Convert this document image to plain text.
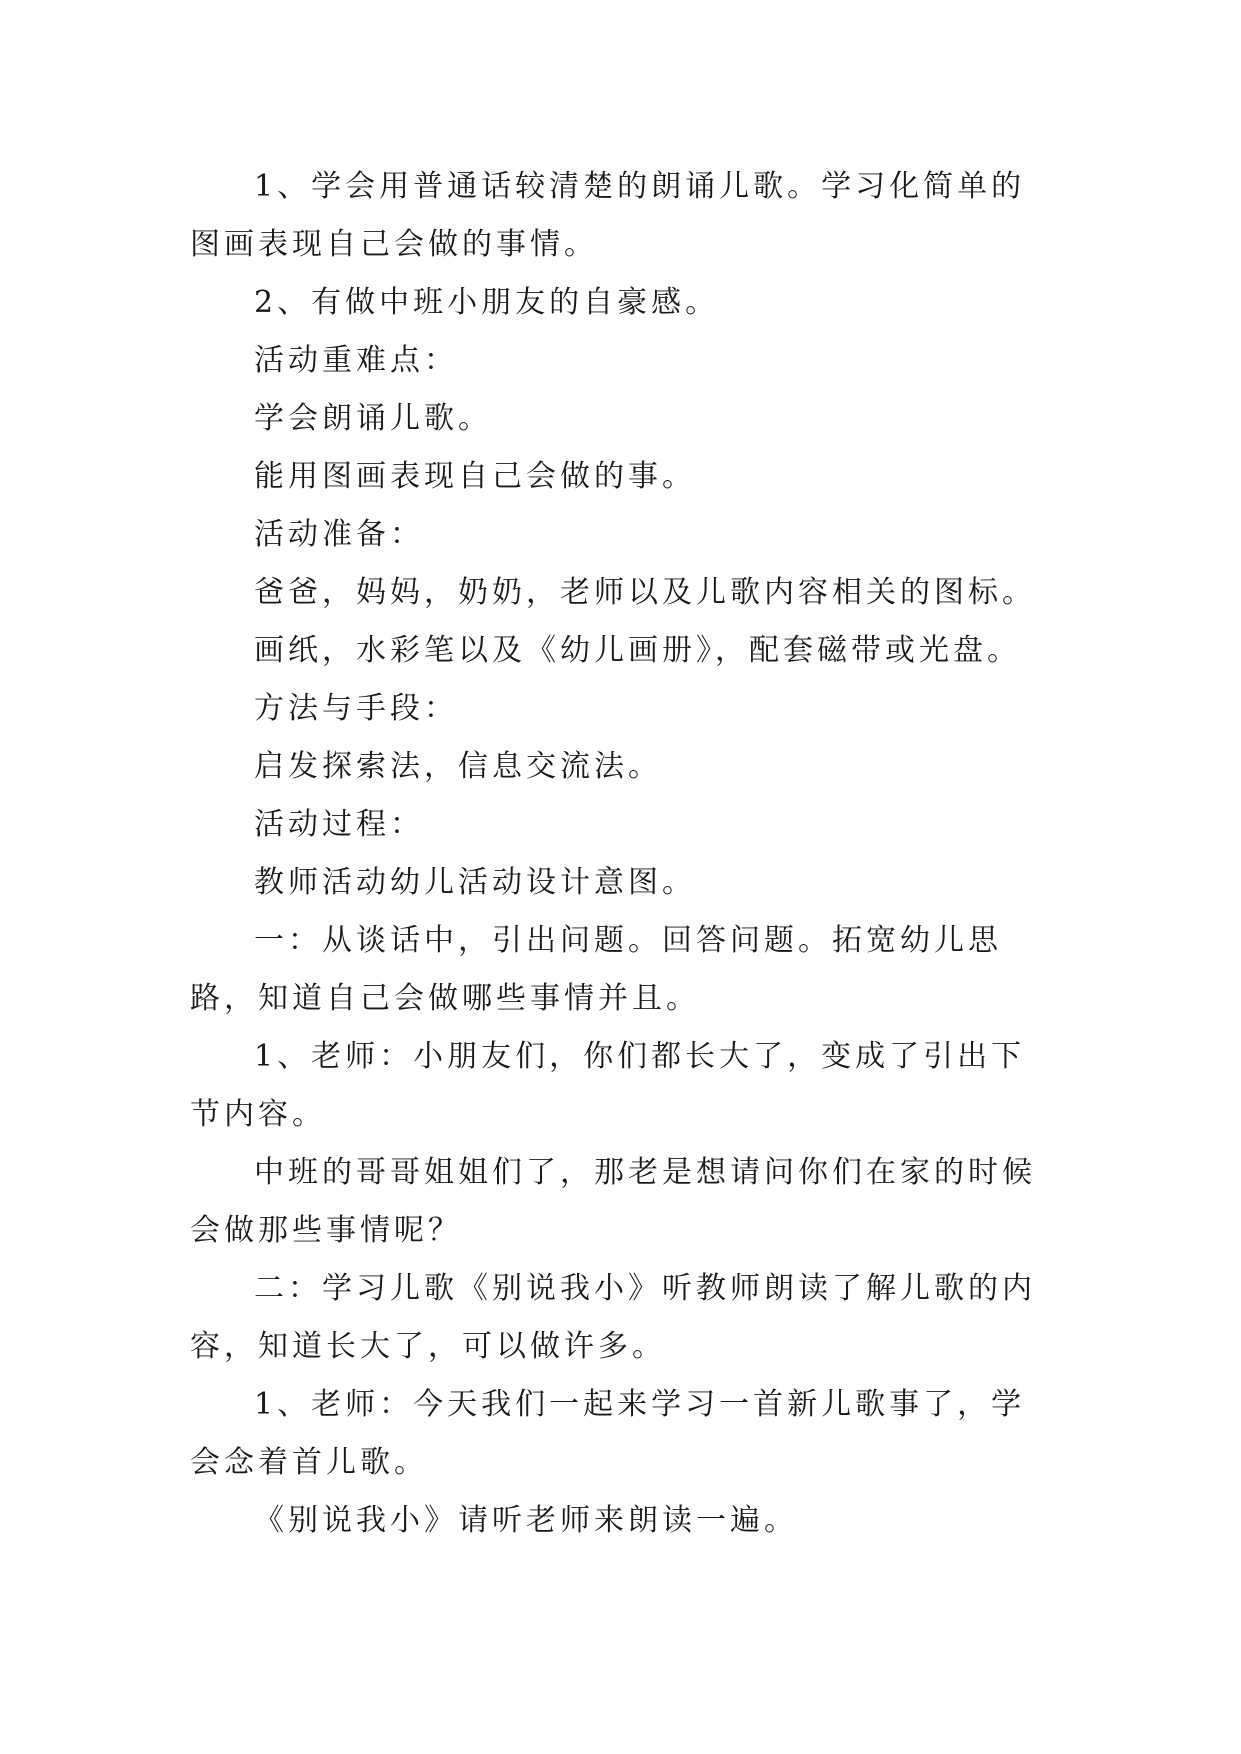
1、学会用普通话较清楚的朗诵儿歌。学习化简单的图画表现自己会做的事情。

2、有做中班小朋友的自豪感。

活动重难点：

学会朗诵儿歌。

能用图画表现自己会做的事。

活动准备：

爸爸，妈妈，奶奶，老师以及儿歌内容相关的图标。

画纸，水彩笔以及《幼儿画册》，配套磁带或光盘。

方法与手段：

启发探索法，信息交流法。

活动过程：

教师活动幼儿活动设计意图。

一：从谈话中，引出问题。回答问题。拓宽幼儿思路，知道自己会做哪些事情并且。

1、老师：小朋友们，你们都长大了，变成了引出下节内容。

中班的哥哥姐姐们了，那老是想请问你们在家的时候会做那些事情呢？

二：学习儿歌《别说我小》听教师朗读了解儿歌的内容，知道长大了，可以做许多。

1、老师：今天我们一起来学习一首新儿歌事了，学会念着首儿歌。

《别说我小》请听老师来朗读一遍。
